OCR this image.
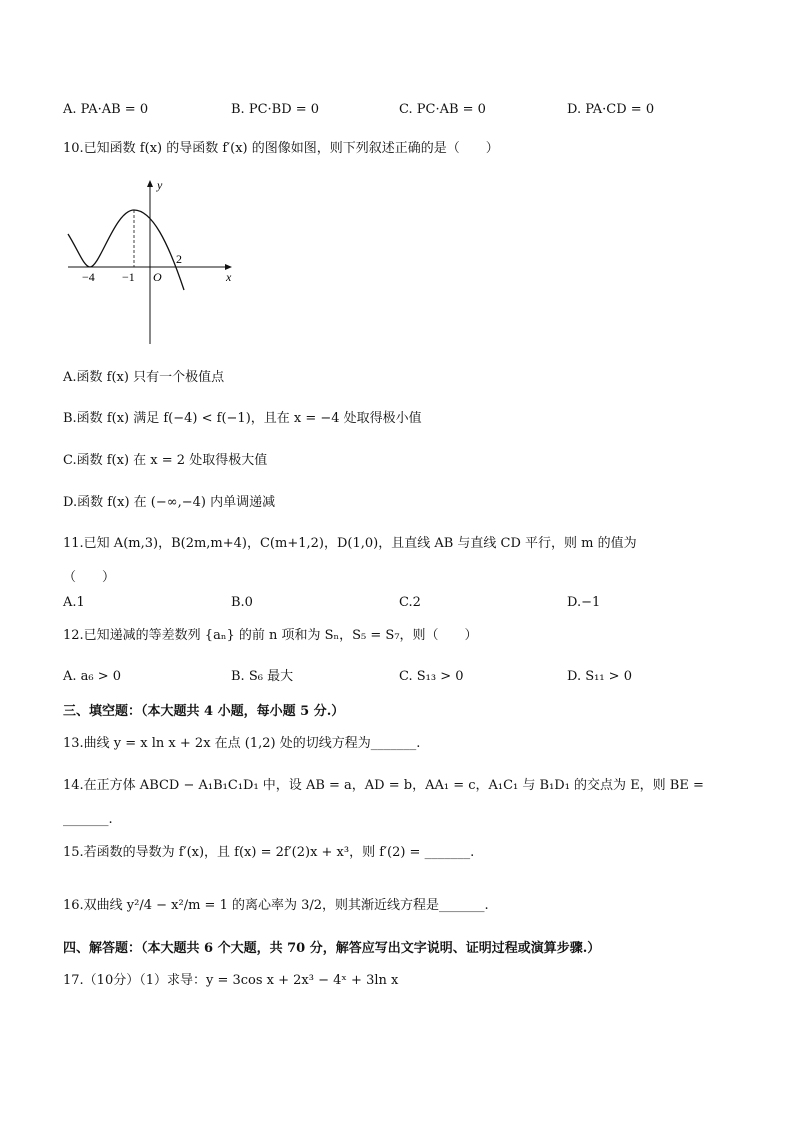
A. PA·AB = 0	B. PC·BD = 0	C. PC·AB = 0	D. PA·CD = 0
10.已知函数 f(x) 的导函数 f′(x) 的图像如图，则下列叙述正确的是（　　）
y
x
O
−4 −1
2
A.函数 f(x) 只有一个极值点
B.函数 f(x) 满足 f(−4) < f(−1)，且在 x = −4 处取得极小值
C.函数 f(x) 在 x = 2 处取得极大值
D.函数 f(x) 在 (−∞,−4) 内单调递减
11.已知 A(m,3)，B(2m,m+4)，C(m+1,2)，D(1,0)，且直线 AB 与直线 CD 平行，则 m 的值为
（　　）
A.1	B.0	C.2	D.−1
12.已知递减的等差数列 {aₙ} 的前 n 项和为 Sₙ，S₅ = S₇，则（　　）
A. a₆ > 0	B. S₆ 最大	C. S₁₃ > 0	D. S₁₁ > 0
三、填空题：（本大题共 4 小题，每小题 5 分.）
13.曲线 y = x ln x + 2x 在点 (1,2) 处的切线方程为_______.
14.在正方体 ABCD − A₁B₁C₁D₁ 中，设 AB = a，AD = b，AA₁ = c，A₁C₁ 与 B₁D₁ 的交点为 E，则 BE =
_______.
15.若函数的导数为 f′(x)，且 f(x) = 2f′(2)x + x³，则 f′(2) = _______.
16.双曲线 y²/4 − x²/m = 1 的离心率为 3/2，则其渐近线方程是_______.
四、解答题：（本大题共 6 个大题，共 70 分，解答应写出文字说明、证明过程或演算步骤.）
17.（10分）（1）求导：y = 3cos x + 2x³ − 4ˣ + 3ln x
